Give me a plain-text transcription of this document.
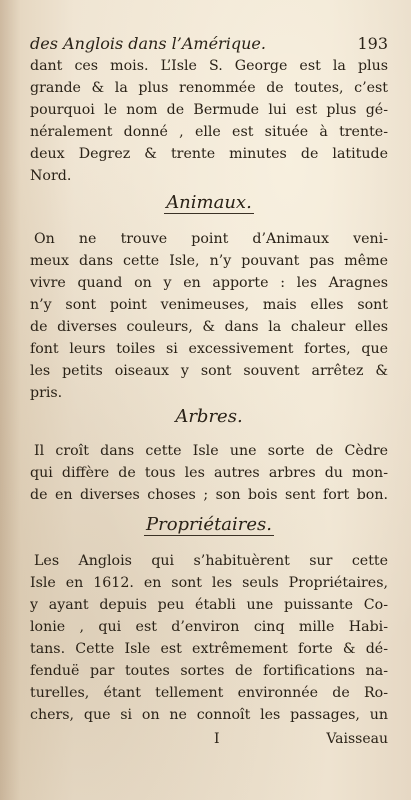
des Anglois dans l’Amérique.	193
dant ces mois. L’Isle S. George est la plus
grande & la plus renommée de toutes, c’est
pourquoi le nom de Bermude lui est plus gé-
néralement donné , elle est située à trente-
deux Degrez & trente minutes de latitude
Nord.
Animaux.
On ne trouve point d’Animaux veni-
meux dans cette Isle, n’y pouvant pas même
vivre quand on y en apporte : les Aragnes
n’y sont point venimeuses, mais elles sont
de diverses couleurs, & dans la chaleur elles
font leurs toiles si excessivement fortes, que
les petits oiseaux y sont souvent arrêtez &
pris.
Arbres.
Il croît dans cette Isle une sorte de Cèdre
qui diffère de tous les autres arbres du mon-
de en diverses choses ; son bois sent fort bon.
Propriétaires.
Les Anglois qui s’habituèrent sur cette
Isle en 1612. en sont les seuls Propriétaires,
y ayant depuis peu établi une puissante Co-
lonie , qui est d’environ cinq mille Habi-
tans. Cette Isle est extrêmement forte & dé-
fenduë par toutes sortes de fortifications na-
turelles, étant tellement environnée de Ro-
chers, que si on ne connoît les passages, un
I	Vaisseau
